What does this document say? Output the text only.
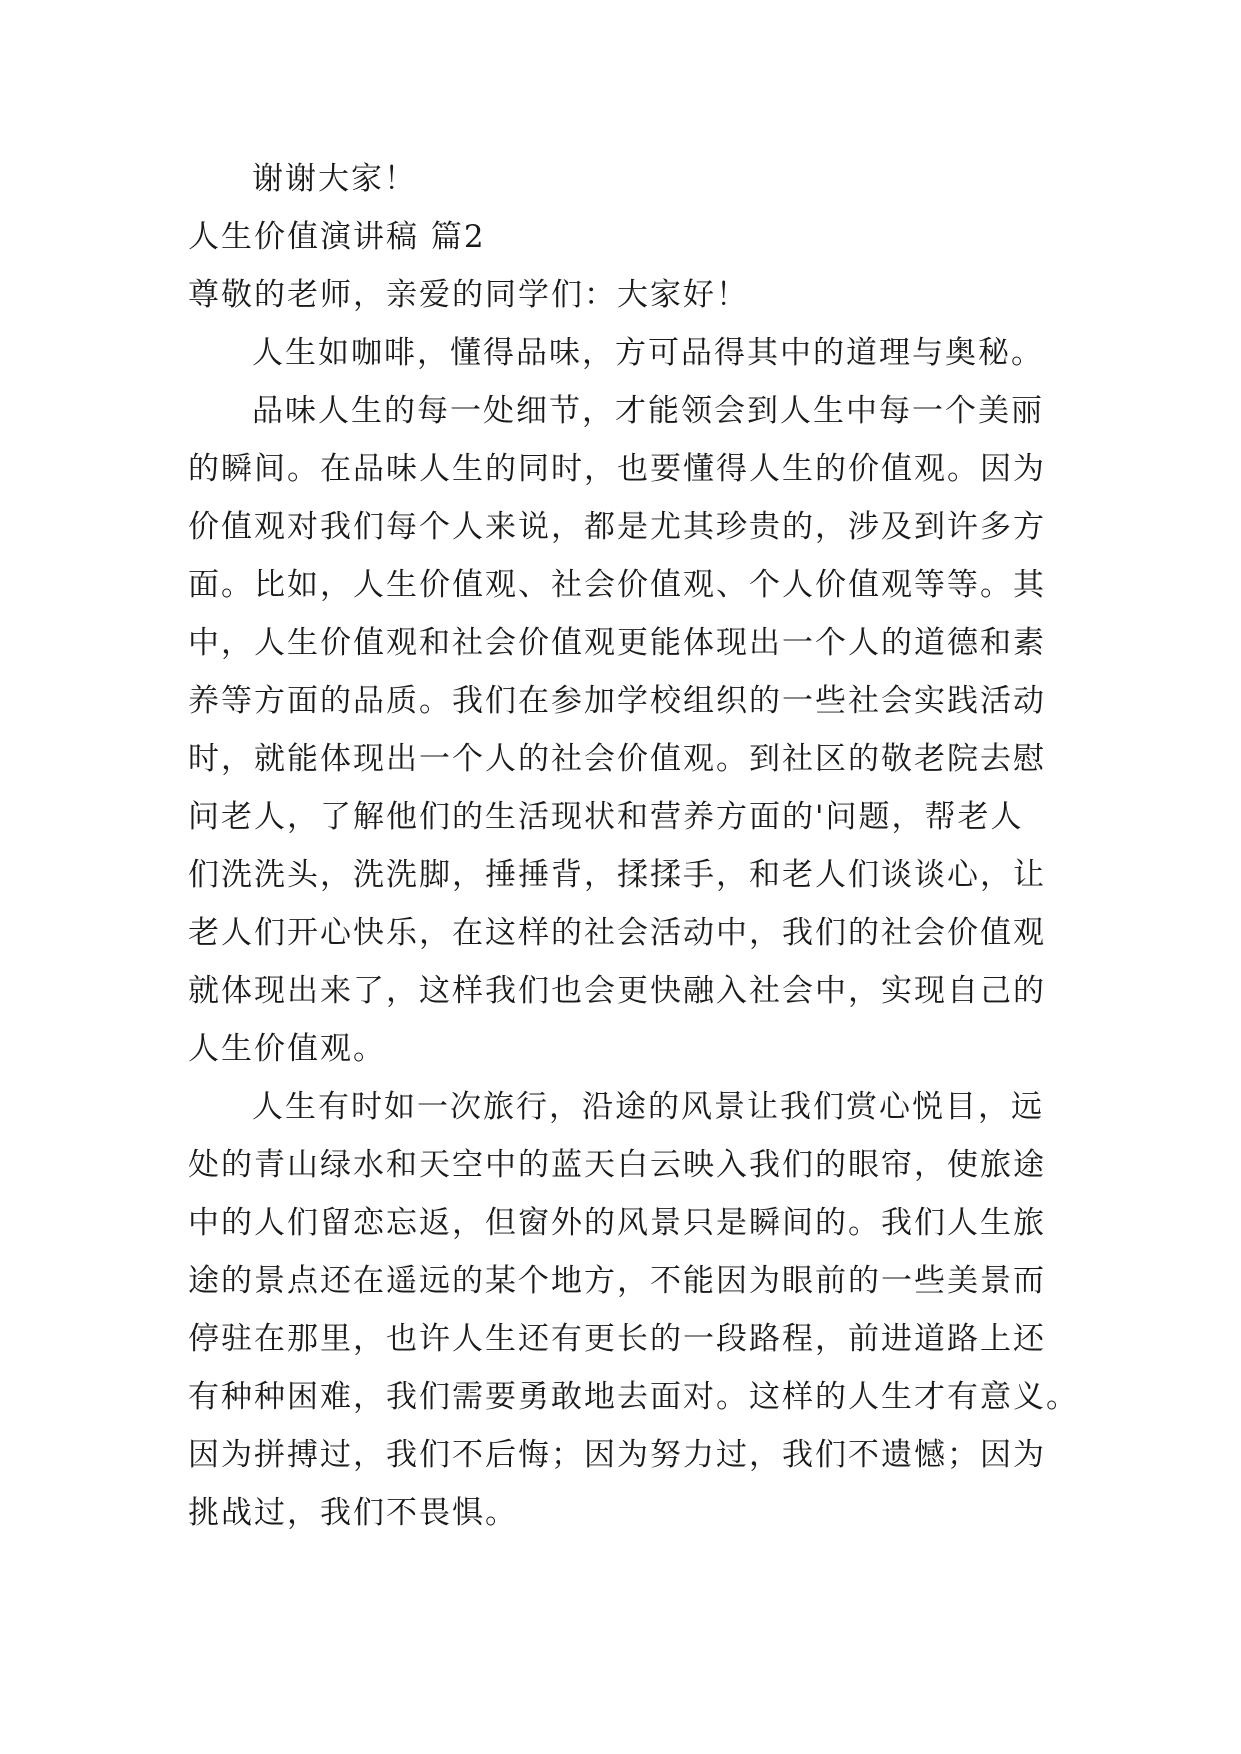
谢谢大家！
人生价值演讲稿 篇2
尊敬的老师，亲爱的同学们：大家好！
人生如咖啡，懂得品味，方可品得其中的道理与奥秘。
品味人生的每一处细节，才能领会到人生中每一个美丽
的瞬间。在品味人生的同时，也要懂得人生的价值观。因为
价值观对我们每个人来说，都是尤其珍贵的，涉及到许多方
面。比如，人生价值观、社会价值观、个人价值观等等。其
中，人生价值观和社会价值观更能体现出一个人的道德和素
养等方面的品质。我们在参加学校组织的一些社会实践活动
时，就能体现出一个人的社会价值观。到社区的敬老院去慰
问老人，了解他们的生活现状和营养方面的'问题，帮老人
们洗洗头，洗洗脚，捶捶背，揉揉手，和老人们谈谈心，让
老人们开心快乐，在这样的社会活动中，我们的社会价值观
就体现出来了，这样我们也会更快融入社会中，实现自己的
人生价值观。
人生有时如一次旅行，沿途的风景让我们赏心悦目，远
处的青山绿水和天空中的蓝天白云映入我们的眼帘，使旅途
中的人们留恋忘返，但窗外的风景只是瞬间的。我们人生旅
途的景点还在遥远的某个地方，不能因为眼前的一些美景而
停驻在那里，也许人生还有更长的一段路程，前进道路上还
有种种困难，我们需要勇敢地去面对。这样的人生才有意义。
因为拼搏过，我们不后悔；因为努力过，我们不遗憾；因为
挑战过，我们不畏惧。
